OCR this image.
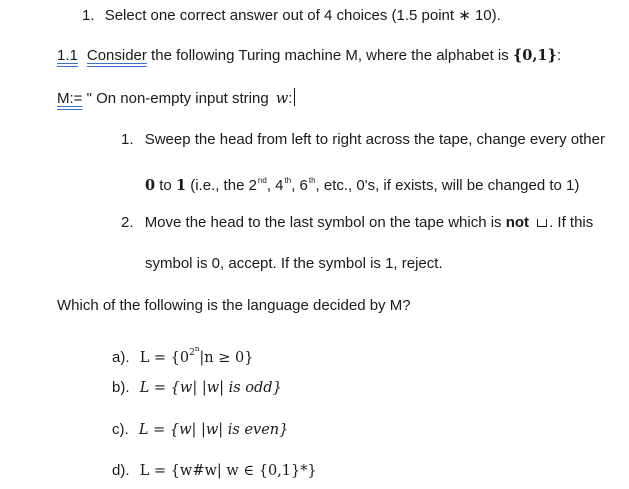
1. Select one correct answer out of 4 choices (1.5 point ∗ 10).
1.1 Consider the following Turing machine M, where the alphabet is {0,1}:
M:= " On non-empty input string w:
1. Sweep the head from left to right across the tape, change every other
0 to 1 (i.e., the 2nd, 4th, 6th, etc., 0's, if exists, will be changed to 1)
2. Move the head to the last symbol on the tape which is not . If this
symbol is 0, accept. If the symbol is 1, reject.
Which of the following is the language decided by M?
a). $L = \{0^{2^n}|n \ge 0\}$
b). L = {w| |w| is odd}
c). L = {w| |w| is even}
d). L = {w#w| w ∈ {0,1}*}
